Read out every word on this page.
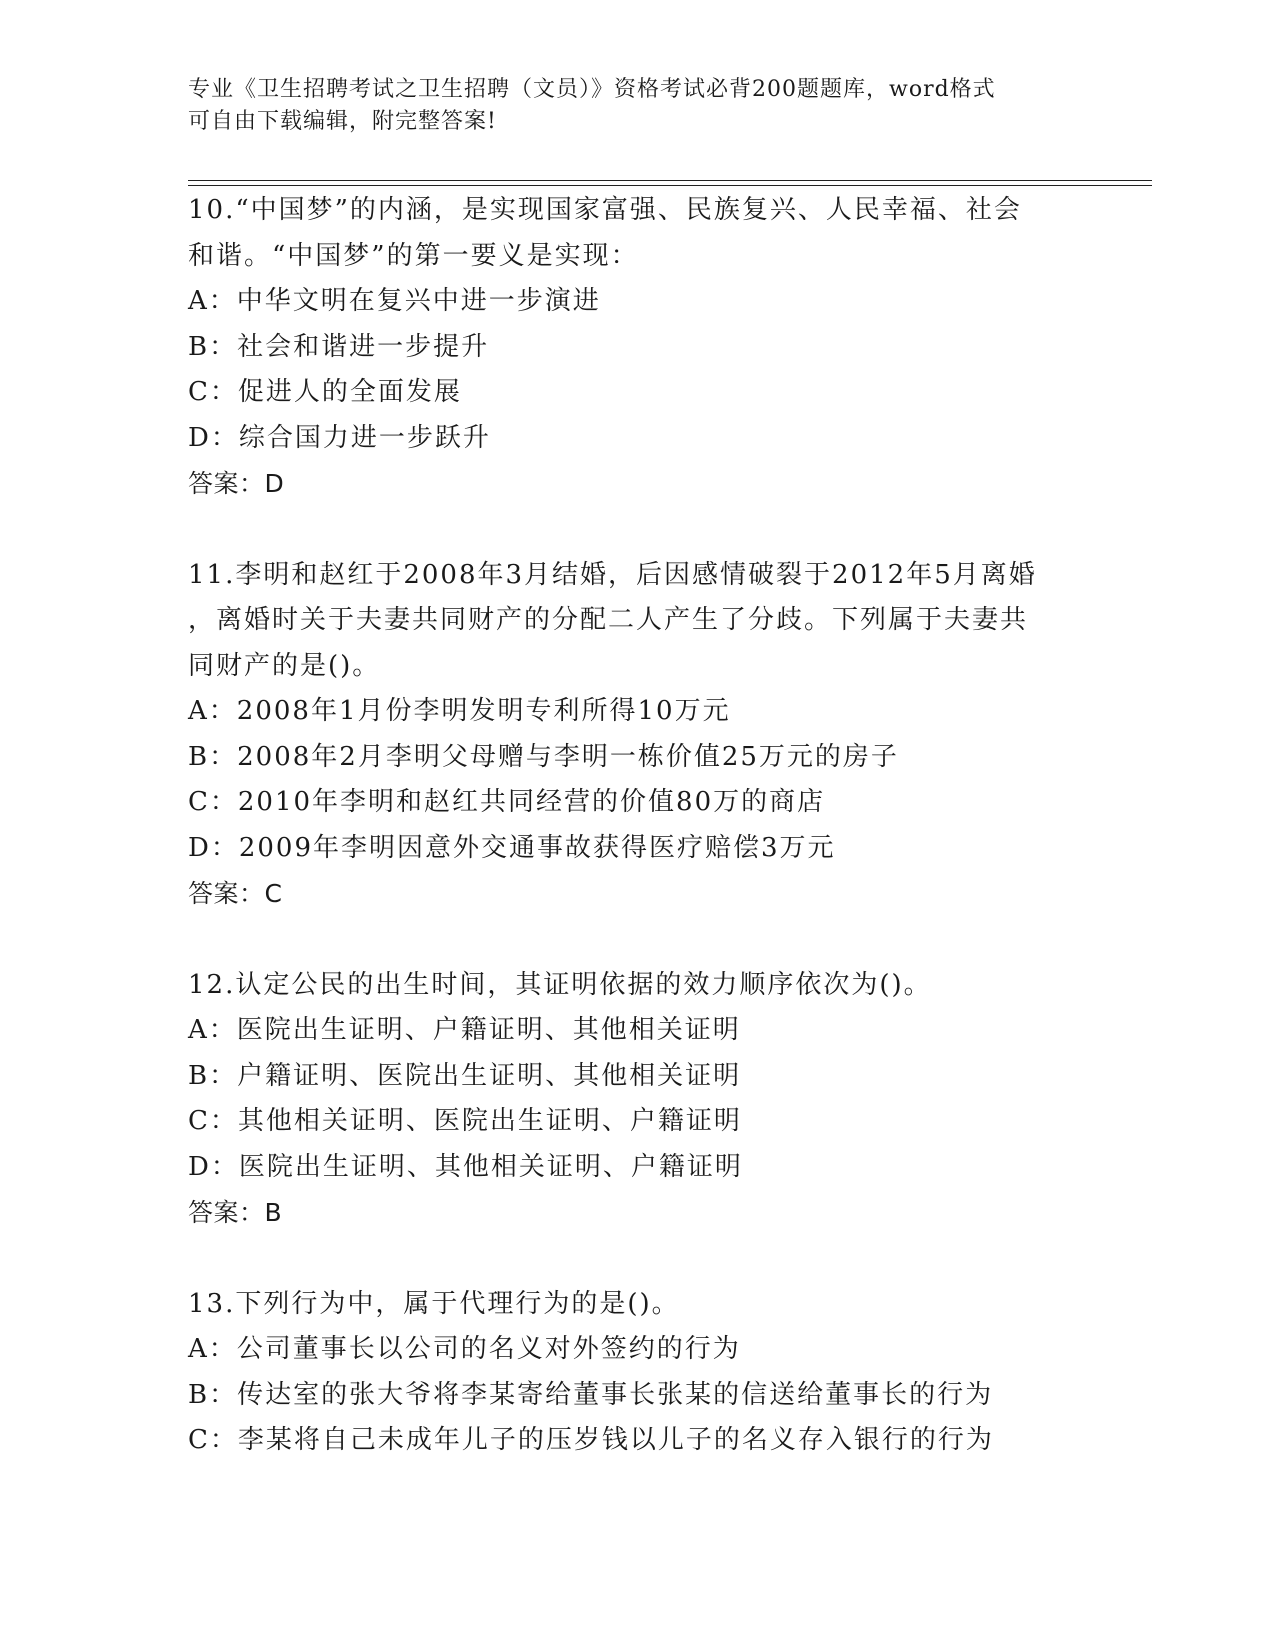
专业《卫生招聘考试之卫生招聘（文员）》资格考试必背200题题库，word格式
可自由下载编辑，附完整答案!
10.“中国梦”的内涵，是实现国家富强、民族复兴、人民幸福、社会
和谐。“中国梦”的第一要义是实现：
A：中华文明在复兴中进一步演进
B：社会和谐进一步提升
C：促进人的全面发展
D：综合国力进一步跃升
答案：D
11.李明和赵红于2008年3月结婚，后因感情破裂于2012年5月离婚
，离婚时关于夫妻共同财产的分配二人产生了分歧。下列属于夫妻共
同财产的是()。
A：2008年1月份李明发明专利所得10万元
B：2008年2月李明父母赠与李明一栋价值25万元的房子
C：2010年李明和赵红共同经营的价值80万的商店
D：2009年李明因意外交通事故获得医疗赔偿3万元
答案：C
12.认定公民的出生时间，其证明依据的效力顺序依次为()。
A：医院出生证明、户籍证明、其他相关证明
B：户籍证明、医院出生证明、其他相关证明
C：其他相关证明、医院出生证明、户籍证明
D：医院出生证明、其他相关证明、户籍证明
答案：B
13.下列行为中，属于代理行为的是()。
A：公司董事长以公司的名义对外签约的行为
B：传达室的张大爷将李某寄给董事长张某的信送给董事长的行为
C：李某将自己未成年儿子的压岁钱以儿子的名义存入银行的行为
